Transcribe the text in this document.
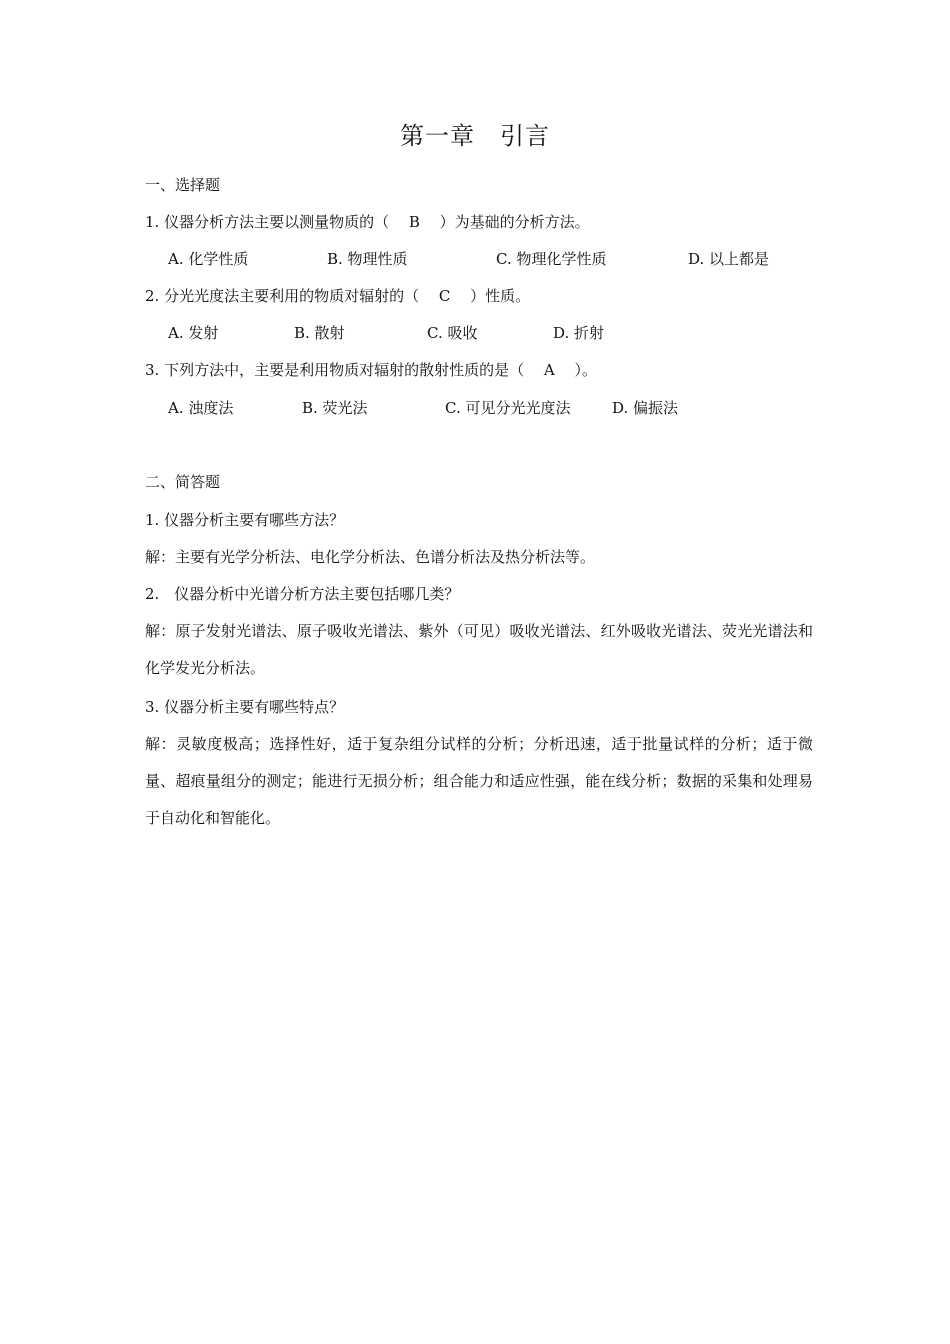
第一章　引言
一、选择题
1. 仪器分析方法主要以测量物质的（　 B　 ）为基础的分析方法。
A. 化学性质	B. 物理性质	C. 物理化学性质	D. 以上都是
2. 分光光度法主要利用的物质对辐射的（　 C　 ）性质。
A. 发射	B. 散射	C. 吸收	D. 折射
3. 下列方法中，主要是利用物质对辐射的散射性质的是（　 A　 ）。
A. 浊度法	B. 荧光法	C. 可见分光光度法	D. 偏振法
二、简答题
1. 仪器分析主要有哪些方法？
解：主要有光学分析法、电化学分析法、色谱分析法及热分析法等。
2.　仪器分析中光谱分析方法主要包括哪几类？
解：原子发射光谱法、原子吸收光谱法、紫外（可见）吸收光谱法、红外吸收光谱法、荧光光谱法和化学发光分析法。
3. 仪器分析主要有哪些特点？
解：灵敏度极高；选择性好，适于复杂组分试样的分析；分析迅速，适于批量试样的分析；适于微量、超痕量组分的测定；能进行无损分析；组合能力和适应性强，能在线分析；数据的采集和处理易于自动化和智能化。
